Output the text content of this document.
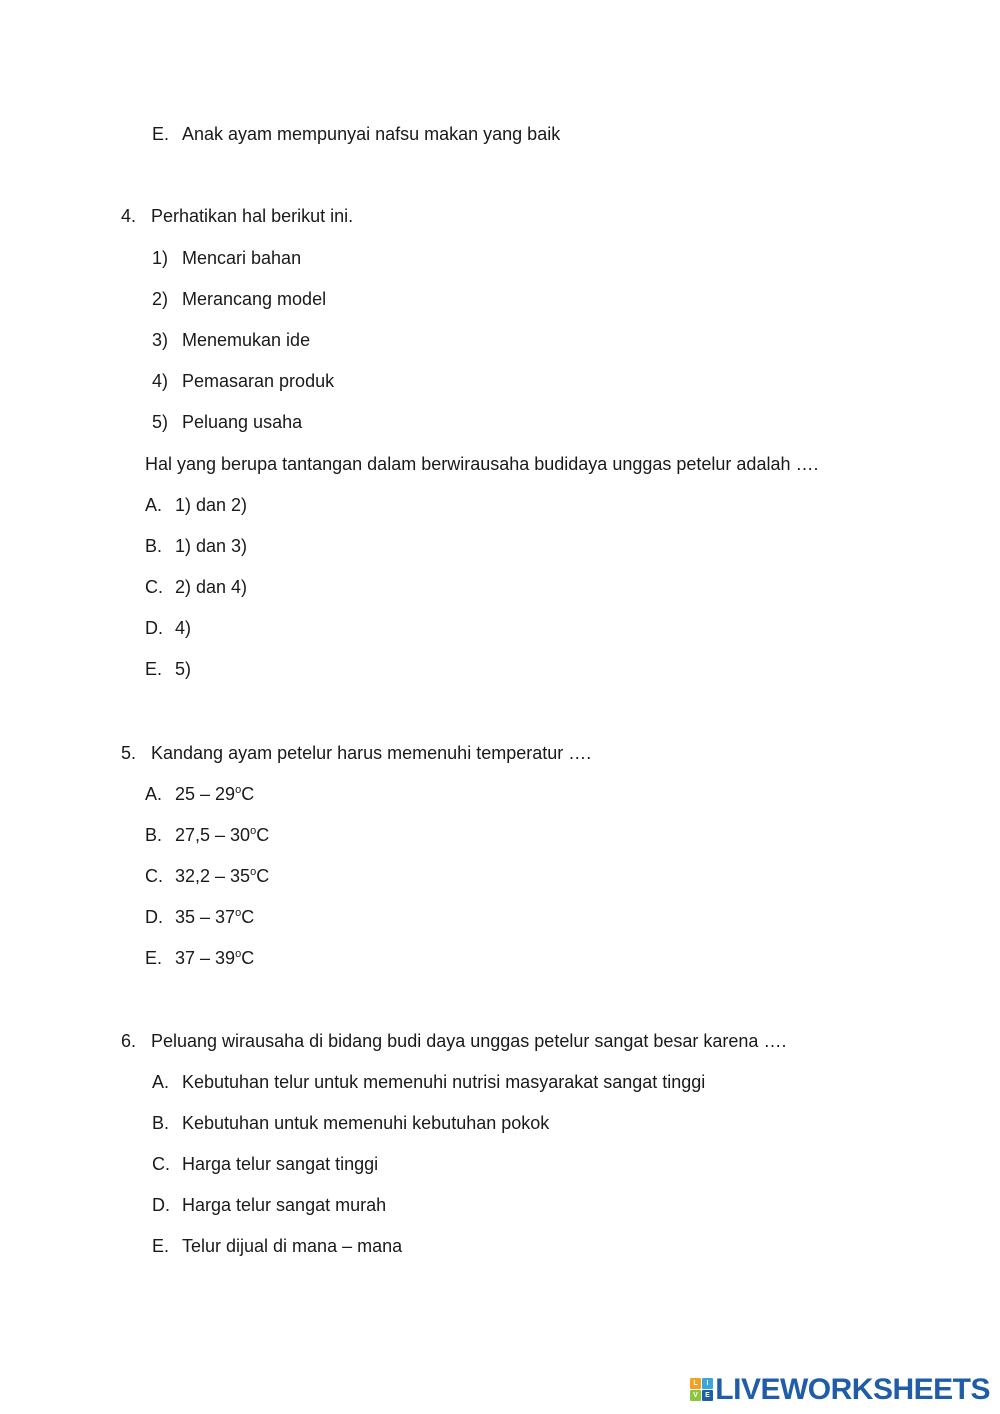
E. Anak ayam mempunyai nafsu makan yang baik
4. Perhatikan hal berikut ini.
1) Mencari bahan
2) Merancang model
3) Menemukan ide
4) Pemasaran produk
5) Peluang usaha
Hal yang berupa tantangan dalam berwirausaha budidaya unggas petelur adalah ….
A. 1) dan 2)
B. 1) dan 3)
C. 2) dan 4)
D. 4)
E. 5)
5. Kandang ayam petelur harus memenuhi temperatur ….
A. 25 – 29$^o$C
B. 27,5 – 30$^o$C
C. 32,2 – 35$^o$C
D. 35 – 37$^o$C
E. 37 – 39$^o$C
6. Peluang wirausaha di bidang budi daya unggas petelur sangat besar karena ….
A. Kebutuhan telur untuk memenuhi nutrisi masyarakat sangat tinggi
B. Kebutuhan untuk memenuhi kebutuhan pokok
C. Harga telur sangat tinggi
D. Harga telur sangat murah
E. Telur dijual di mana – mana
L	I
V	E LIVEWORKSHEETS
